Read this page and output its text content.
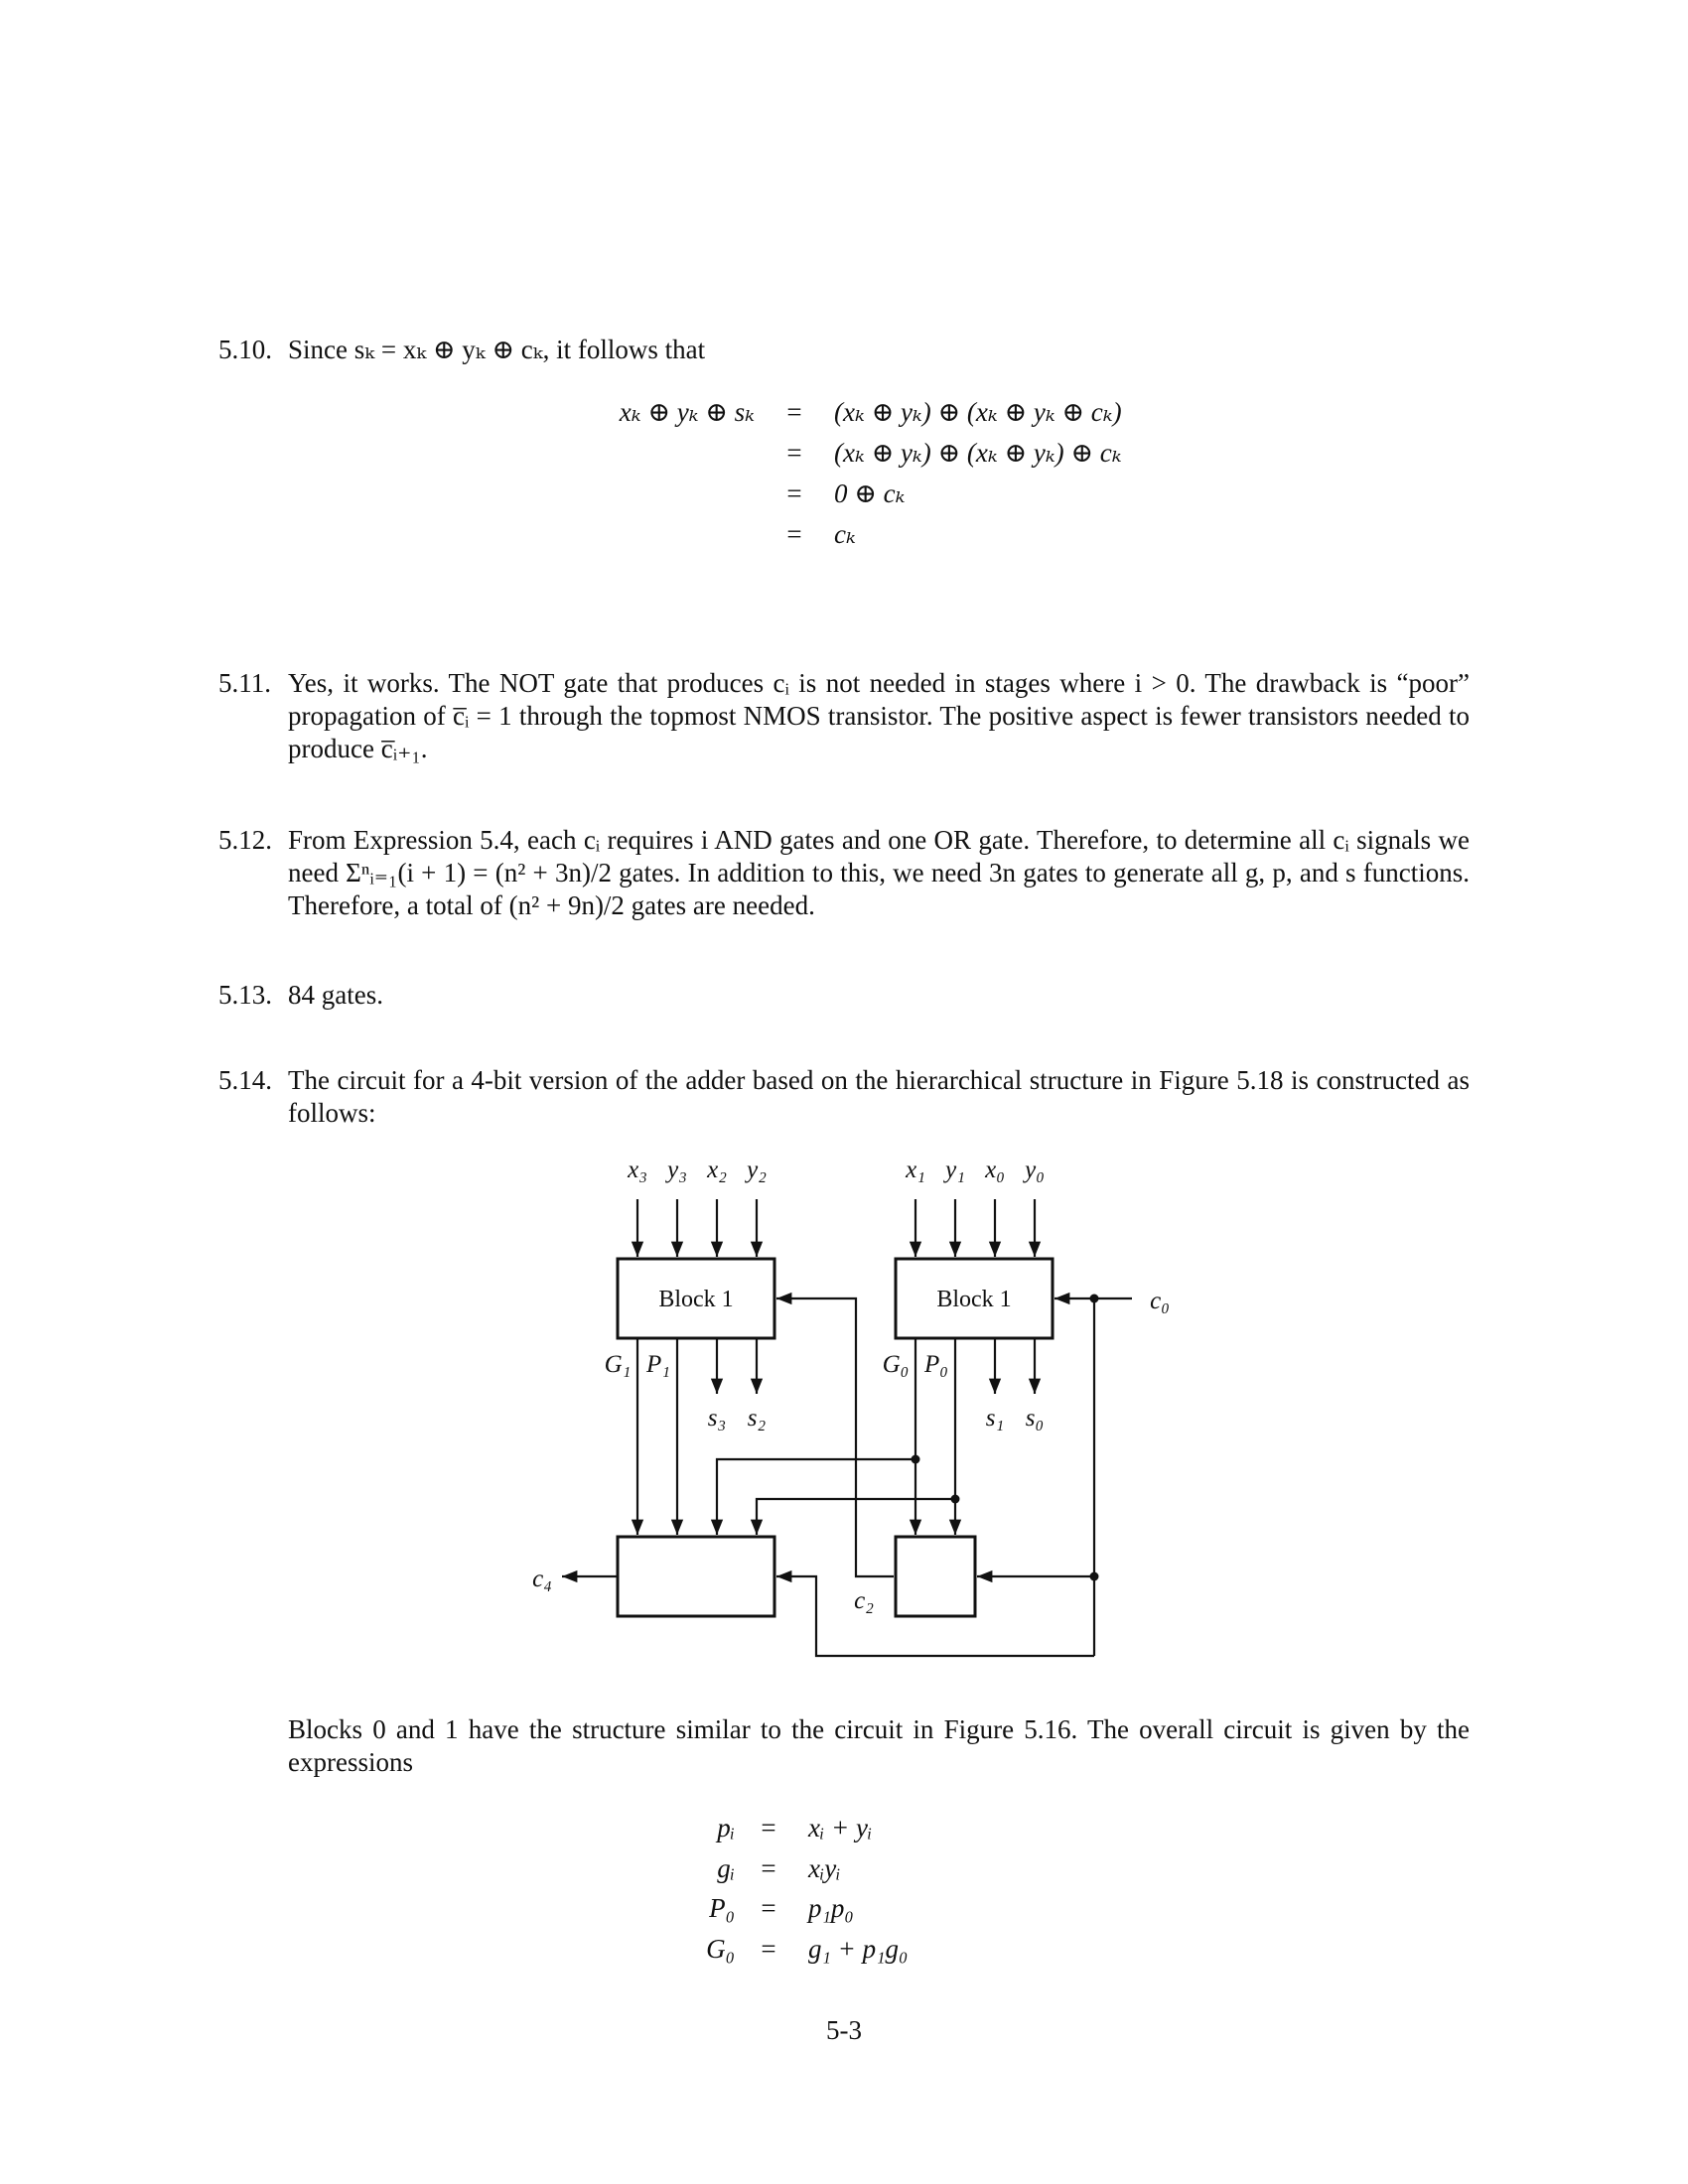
5.10. Since sₖ = xₖ ⊕ yₖ ⊕ cₖ, it follows that
xₖ ⊕ yₖ ⊕ sₖ	=	(xₖ ⊕ yₖ) ⊕ (xₖ ⊕ yₖ ⊕ cₖ)
=	(xₖ ⊕ yₖ) ⊕ (xₖ ⊕ yₖ) ⊕ cₖ
=	0 ⊕ cₖ
=	cₖ
5.11. Yes, it works. The NOT gate that produces cᵢ is not needed in stages where i > 0. The drawback is “poor” propagation of c̅ᵢ = 1 through the topmost NMOS transistor. The positive aspect is fewer transistors needed to produce c̅ᵢ₊₁.
5.12. From Expression 5.4, each cᵢ requires i AND gates and one OR gate. Therefore, to determine all cᵢ signals we need Σⁿᵢ₌₁(i + 1) = (n² + 3n)/2 gates. In addition to this, we need 3n gates to generate all g, p, and s functions. Therefore, a total of (n² + 9n)/2 gates are needed.
5.13. 84 gates.
5.14. The circuit for a 4-bit version of the adder based on the hierarchical structure in Figure 5.18 is constructed as follows:
Block 1	Block 1
x₃ y₃ x₂ y₂	x₁ y₁ x₀ y₀
G₁ P₁	G₀ P₀
s₃ s₂	s₁ s₀
c₀
c₂
c₄
Blocks 0 and 1 have the structure similar to the circuit in Figure 5.16. The overall circuit is given by the expressions
pᵢ =	xᵢ + yᵢ
gᵢ =	xᵢyᵢ
P₀ =	p₁p₀
G₀ =	g₁ + p₁g₀
5-3
